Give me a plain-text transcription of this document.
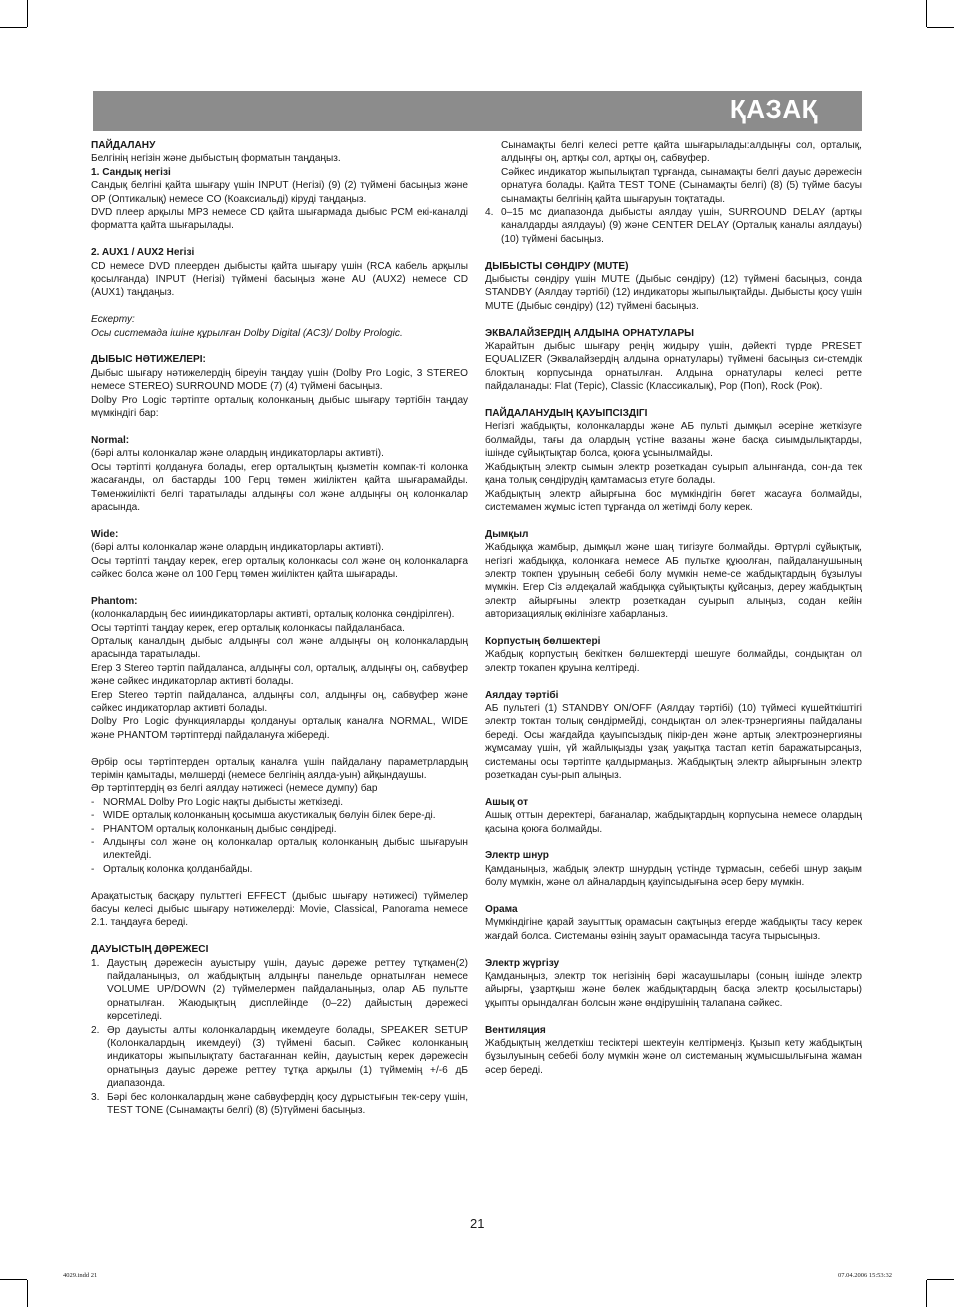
ҚАЗАҚ

ПАЙДАЛАНУ

Белгінің негізін және дыбыстың форматын таңдаңыз.

1. Сандық негізі

Сандық белгіні қайта шығару үшін INPUT (Негізі) (9) (2) түймені басыңыз және OP (Оптикалық) немесе CO (Коаксиальді) кіруді таңдаңыз.

DVD плеер арқылы MP3 немесе CD қайта шығармада дыбыс PCM екі-каналді форматта қайта шығарылады.

2. AUX1 / AUX2 Негізі

CD немесе DVD плеерден дыбысты қайта шығару үшін (RCA кабель арқылы қосылғанда) INPUT (Негізі) түймені басыңыз және AU (AUX2) немесе CD (AUX1) таңдаңыз.

Ескерту:

Осы системада ішіне құрылған Dolby Digital (AC3)/ Dolby Prologic.

ДЫБЫС НӘТИЖЕЛЕРІ:

Дыбыс шығару нәтижелердің біреуін таңдау үшін (Dolby Pro Logic, 3 STEREO немесе STEREO) SURROUND MODE (7) (4) түймені басыңыз.

Dolby Pro Logic тәртіпте орталық колонканың дыбыс шығару тәртібін таңдау мүмкіндігі бар:

Normal:

(бәрі алты колонкалар және олардың индикаторлары активті).

Осы тәртіпті қолдануға болады, егер орталықтың қызметін компак-ті колонка жасағанды, ол бастарды 100 Герц төмен жиіліктен қайта шығарамайды. Төменжиілікті белгі таратылады алдыңғы сол және алдыңғы оң колонкалар арасында.

Wide:

(бәрі алты колонкалар және олардың индикаторлары активті).

Осы тәртіпті таңдау керек, егер орталық колонкасы сол және оң колонкаларға сәйкес болса және ол 100 Герц төмен жиіліктен қайта шығарады.

Phantom:

(колонкалардың бес иииндикаторлары активті, орталық колонка сөндірілген).

Осы тәртіпті таңдау керек, егер орталық колонкасы пайдаланбаса.

Орталық каналдың дыбыс алдыңғы сол және алдыңғы оң колонкалардың арасында таратылады.

Егер 3 Stereo тәртіп пайдаланса, алдыңғы сол, орталық, алдыңғы оң, сабвуфер және сәйкес индикаторлар активті болады.

Егер Stereo тәртіп пайдаланса, алдыңғы сол, алдыңғы оң, сабвуфер және сәйкес индикаторлар активті болады.

Dolby Pro Logic функцияларды қолдануы орталық каналға NORMAL, WIDE және PHANTOM тәртіптерді пайдалануға жібереді.

Әрбір осы тәртіптерден орталық каналға үшін пайдалану параметрлардың терімін қамытады, мөлшерді (немесе белгінің аялда-уын) айқындаушы.

Әр тәртіптердің өз белгі аялдау нәтижесі (немесе думпу) бар

- NORMAL Dolby Pro Logic нақты дыбысты жеткізеді.
- WIDE орталық колонканың қосымша акустикалық бөлуін білек бере-ді.
- PHANTOM орталық колонканың дыбыс сөндіреді.
- Алдыңғы сол және оң колонкалар орталық колонканың дыбыс шығаруын илектейді.
- Орталық колонка қолданбайды.

Арақатыстық басқару пульттегі EFFECT (дыбыс шығару нәтижесі) түймелер басуы келесі дыбыс шығару нәтижелерді: Movie, Classical, Panorama немесе 2.1. таңдауға береді.

ДАУЫСТЫҢ ДӘРЕЖЕСІ

1. Даустың дәрежесін ауыстыру үшін, дауыс дәреже реттеу тұтқамен(2) пайдаланыңыз, ол жабдықтың алдыңғы панельде орнатылған немесе VOLUME UP/DOWN (2) түймелермен пайдаланыңыз, олар АБ пультте орнатылған. Жаюдықтың дисплейінде (0–22) дайыстың дәрежесі көрсетіледі.
2. Әр дауысты алты колонкалардың икемдеуге болады, SPEAKER SETUP (Колонкалардың икемдеуі) (3) түймені басып. Сәйкес колонканың индикаторы жыпылықтату бастағаннан кейін, дауыстың керек дәрежесін орнатыңыз дауыс дәреже реттеу тұтқа арқылы (1) түймемің +/-6 дБ диапазонда.
3. Бәрі бес колонкалардың және сабвуфердің қосу дұрыстығын тек-серу үшін, TEST TONE (Сынамақты белгі) (8) (5)түймені басыңыз.

Сынамақты белгі келесі ретте қайта шығарылады:алдыңғы сол, орталық, алдыңғы оң, артқы сол, артқы оң, сабвуфер.

Сәйкес индикатор жыпылықтап тұрғанда, сынамақты белгі дауыс дәрежесін орнатуға болады. Қайта TEST TONE (Сынамақты белгі) (8) (5) түйме басуы сынамақты белгінің қайта шығаруын тоқтатады.

4. 0–15 мс диапазонда дыбысты аялдау үшін, SURROUND DELAY (артқы каналдарды аялдауы) (9) және CENTER DELAY (Орталық каналы аялдауы) (10) түймені басыңыз.

ДЫБЫСТЫ СӨНДІРУ (MUTE)

Дыбысты сөндіру үшін MUTE (Дыбыс сөндіру) (12) түймені басыңыз, сонда STANDBY (Аялдау тәртібі) (12) индикаторы жыпылықтайды. Дыбысты қосу үшін MUTE (Дыбыс сөндіру) (12) түймені басыңыз.

ЭКВАЛАЙЗЕРДІҢ АЛДЫНА ОРНАТУЛАРЫ

Жарайтын дыбыс шығару реңің жидыру үшін, дәйекті түрде PRESET EQUALIZER (Эквалайзердің алдына орнатулары) түймені басыңыз си-стемдік блоктың корпусында орнатылған. Алдына орнатулары келесі ретте пайдаланады: Flat (Теріс), Classic (Классикалық), Pop (Поп), Rock (Рок).

ПАЙДАЛАНУДЫҢ ҚАУЫПСІЗДІГІ

Негізгі жабдықты, колонкаларды және АБ пульті дымқыл әсеріне жеткізуге болмайды, тағы да олардың үстіне вазаны және басқа сиымдылықтарды, ішінде сұйықтықтар болса, қоюға ұсынылмайды.

Жабдықтың электр сымын электр розеткадан суырып алынғанда, сон-да тек қана толық сөндірудің қамтамасыз етуге болады.

Жабдықтың электр айырғына бос мүмкіндігін бөгет жасауға болмайды, системамен жұмыс істеп тұрғанда ол жетімді болу керек.

Дымқыл

Жабдыққа жамбыр, дымқыл және шаң тигізуге болмайды. Әртүрлі сұйықтық, негізгі жабдыққа, колонкаға немесе АБ пультке құюолған, пайдаланушының электр токпен ұруының себебі болу мүмкін неме-се жабдықтардың бұзылуы мүмкін. Егер Сіз әлдеқалай жабдыққа сұйықтықты құйсаңыз, дереу жабдықтың электр айырғыны электр розеткадан суырып алыңыз, содан кейін авторизациялық өкілінізге хабарланыз.

Корпустың бөлшектері

Жабдық корпустың бекіткен бөлшектерді шешуге болмайды, сондықтан ол электр токапен қруына келтіреді.

Аялдау тәртібі

АБ пультегі (1) STANDBY ON/OFF (Аялдау тәртібі) (10) түймесі күшейткіштігі электр токтан толық сөндірмейді, сондықтан ол элек-трэнергияны пайдаланы береді. Осы жағдайда қауыпсыздық пікір-ден және артық электроэнергияны жұмсамау үшін, үй жайлықызды ұзақ уақытқа тастап кетіп баражатырсаңыз, системаны осы тәртіпте қалдырмаңыз. Жабдықтың электр айырғынын электр розеткадан суы-рып алыңыз.

Ашық от

Ашық оттын деректері, бағаналар, жабдықтардың корпусына немесе олардың қасына қоюға болмайды.

Электр шнур

Қамданыңыз, жабдық электр шнурдың үстінде тұрмасын, себебі шнур зақым болу мүмкін, және ол айналардың қауіпсыдығына әсер беру мүмкін.

Орама

Мүмкіндігіне қарай зауыттық орамасын сақтыңыз егерде жабдықты тасу керек жағдай болса. Системаны өзінің зауыт орамасында тасуға тырысыңыз.

Электр жүргізу

Қамданыңыз, электр ток негізінің бәрі жасаушылары (соның ішінде электр айырғы, ұзартқыш және бөлек жабдықтардың басқа электр қосылыстары) ұқыпты орындалған болсын және өндірушінің талапана сәйкес.

Вентиляция

Жабдықтың желдеткіш тесіктері шектеуін келтірмеңіз. Қызып кету жабдықтың бұзылуының себебі болу мүмкін және ол системаның жұмысшылығына жаман әсер береді.

21
4029.indd 21	07.04.2006 15:53:32
